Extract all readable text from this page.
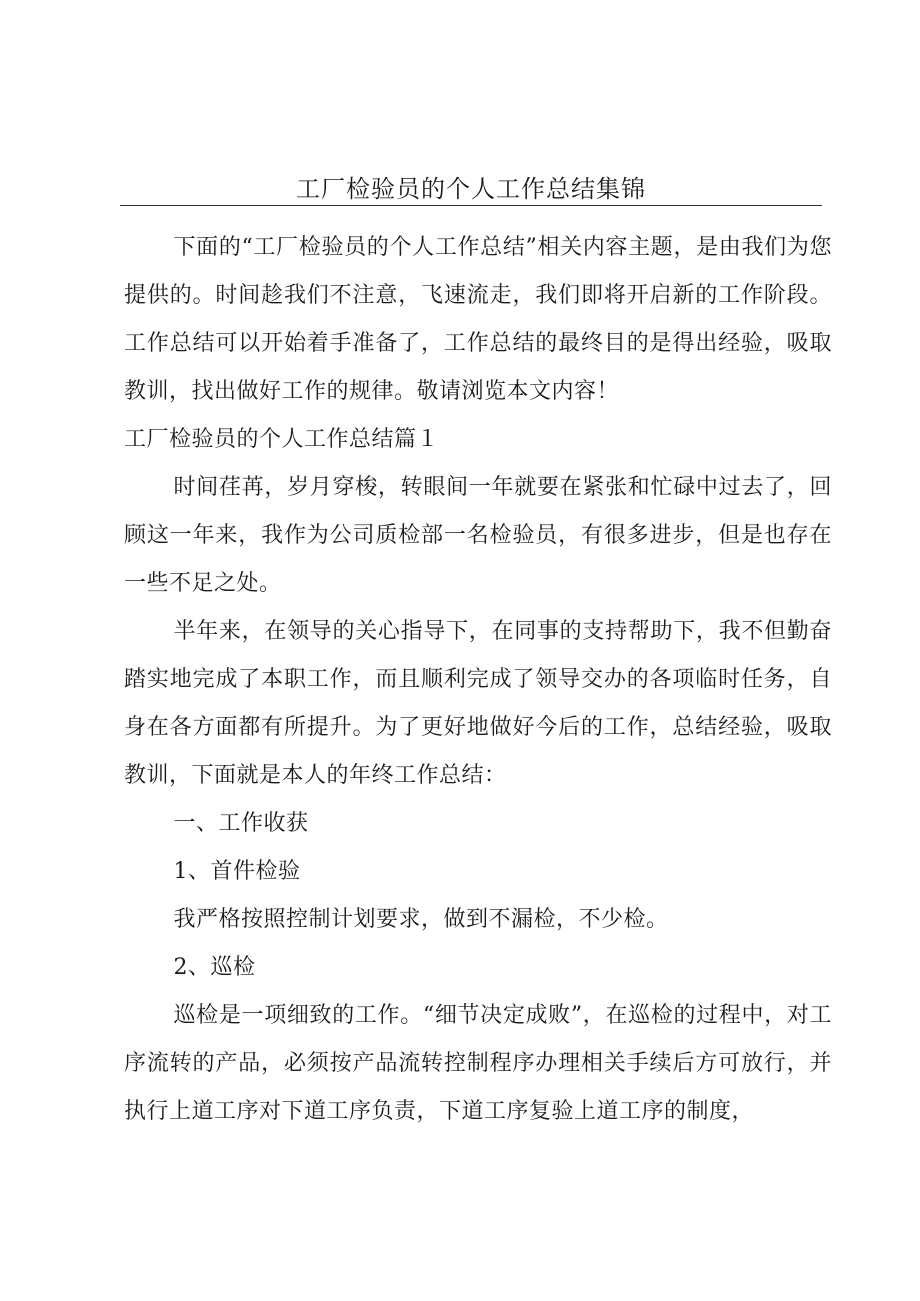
工厂检验员的个人工作总结集锦

下面的“工厂检验员的个人工作总结”相关内容主题，是由我们为您提供的。时间趁我们不注意，飞速流走，我们即将开启新的工作阶段。工作总结可以开始着手准备了，工作总结的最终目的是得出经验，吸取教训，找出做好工作的规律。敬请浏览本文内容！

工厂检验员的个人工作总结篇１

时间荏苒，岁月穿梭，转眼间一年就要在紧张和忙碌中过去了，回顾这一年来，我作为公司质检部一名检验员，有很多进步，但是也存在一些不足之处。

半年来，在领导的关心指导下，在同事的支持帮助下，我不但勤奋踏实地完成了本职工作，而且顺利完成了领导交办的各项临时任务，自身在各方面都有所提升。为了更好地做好今后的工作，总结经验，吸取教训，下面就是本人的年终工作总结：

一、工作收获

1、首件检验

我严格按照控制计划要求，做到不漏检，不少检。

2、巡检

巡检是一项细致的工作。“细节决定成败”，在巡检的过程中，对工序流转的产品，必须按产品流转控制程序办理相关手续后方可放行，并执行上道工序对下道工序负责，下道工序复验上道工序的制度，
